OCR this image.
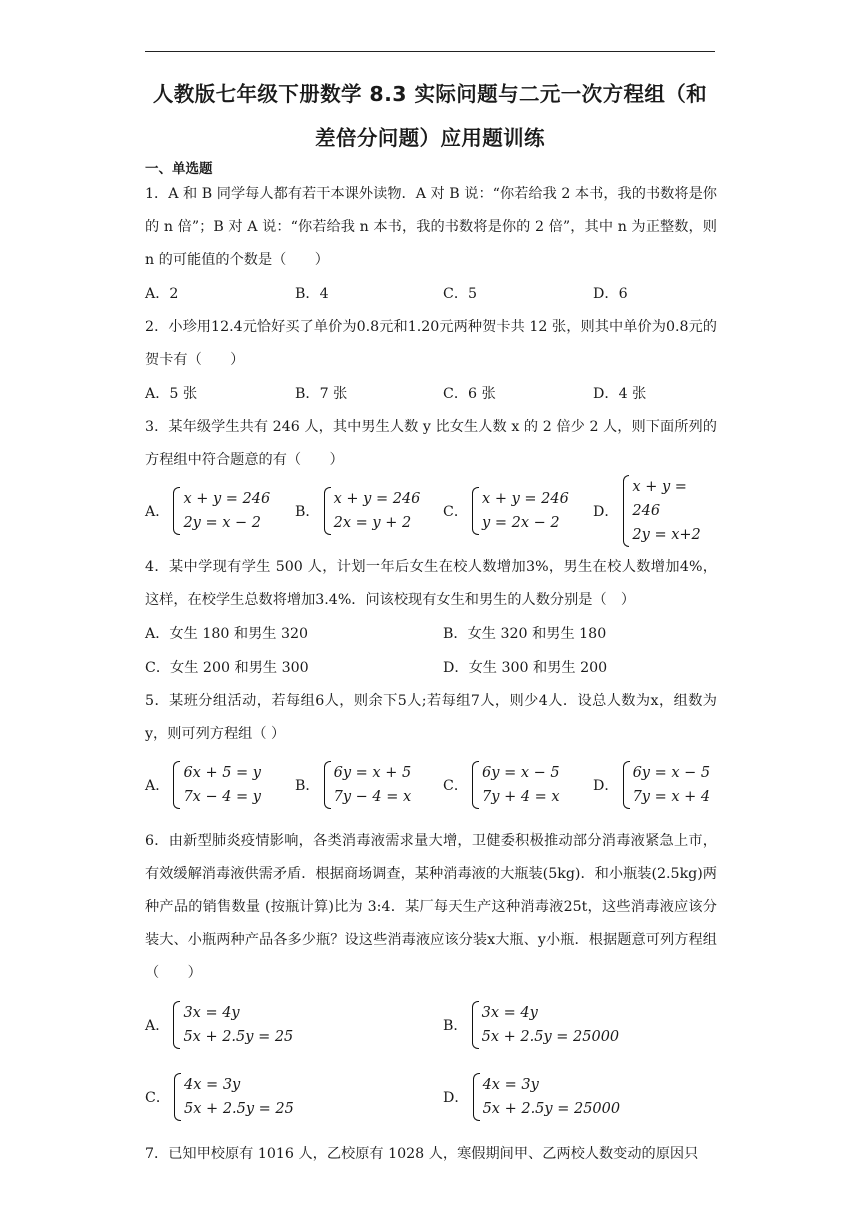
人教版七年级下册数学 8.3 实际问题与二元一次方程组（和
差倍分问题）应用题训练
一、单选题

1．A 和 B 同学每人都有若干本课外读物．A 对 B 说：“你若给我 2 本书，我的书数将是你的 n 倍”；B 对 A 说：“你若给我 n 本书，我的书数将是你的 2 倍”，其中 n 为正整数，则 n 的可能值的个数是（　　）

A．2	B．4	C．5	D．6

2．小珍用12.4元恰好买了单价为0.8元和1.20元两种贺卡共 12 张，则其中单价为0.8元的贺卡有（　　）

A．5 张	B．7 张	C．6 张	D．4 张

3．某年级学生共有 246 人，其中男生人数 y 比女生人数 x 的 2 倍少 2 人，则下面所列的方程组中符合题意的有（　　）

A．
x + y = 246
2y = x − 2
B．
x + y = 246
2x = y + 2
C．
x + y = 246
y = 2x − 2
D．
x + y = 246
2y = x+2

4．某中学现有学生 500 人，计划一年后女生在校人数增加3%，男生在校人数增加4%，这样，在校学生总数将增加3.4%．问该校现有女生和男生的人数分别是（　）

A．女生 180 和男生 320	B．女生 320 和男生 180
C．女生 200 和男生 300	D．女生 300 和男生 200

5．某班分组活动，若每组6人，则余下5人;若每组7人，则少4人．设总人数为x，组数为y，则可列方程组（ ）

A．
6x + 5 = y
7x − 4 = y
B．
6y = x + 5
7y − 4 = x
C．
6y = x − 5
7y + 4 = x
D．
6y = x − 5
7y = x + 4

6．由新型肺炎疫情影响，各类消毒液需求量大增，卫健委积极推动部分消毒液紧急上市，有效缓解消毒液供需矛盾．根据商场调查，某种消毒液的大瓶装(5kg)．和小瓶装(2.5kg)两种产品的销售数量 (按瓶计算)比为 3:4．某厂每天生产这种消毒液25t，这些消毒液应该分装大、小瓶两种产品各多少瓶？设这些消毒液应该分装x大瓶、y小瓶．根据题意可列方程组（　　）

A．
3x = 4y
5x + 2.5y = 25
B．
3x = 4y
5x + 2.5y = 25000
C．
4x = 3y
5x + 2.5y = 25
D．
4x = 3y
5x + 2.5y = 25000

7．已知甲校原有 1016 人，乙校原有 1028 人，寒假期间甲、乙两校人数变动的原因只
